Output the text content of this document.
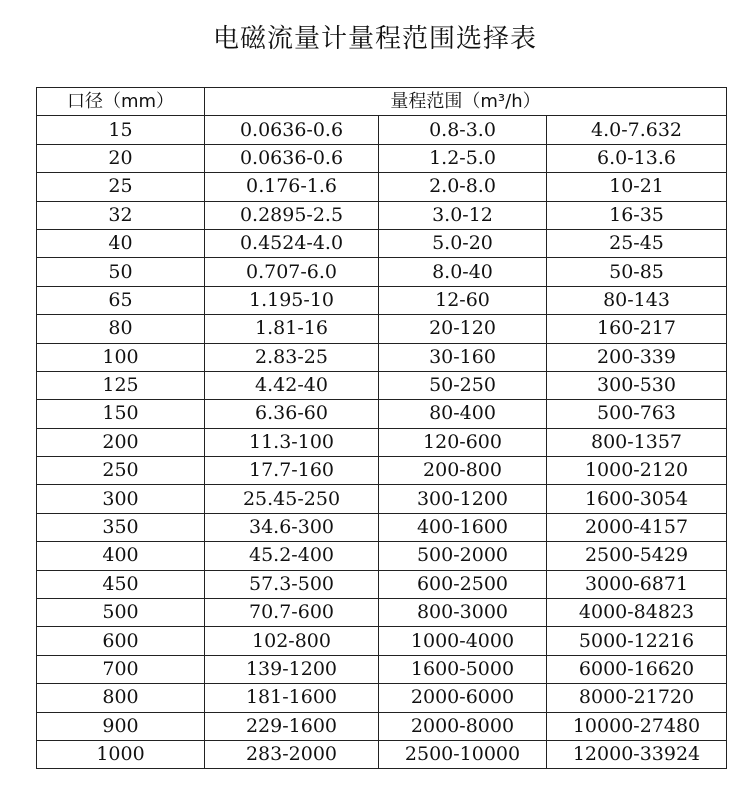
电磁流量计量程范围选择表
口径（mm）	量程范围（m³/h）		
15	0.0636-0.6	0.8-3.0	4.0-7.632
20	0.0636-0.6	1.2-5.0	6.0-13.6
25	0.176-1.6	2.0-8.0	10-21
32	0.2895-2.5	3.0-12	16-35
40	0.4524-4.0	5.0-20	25-45
50	0.707-6.0	8.0-40	50-85
65	1.195-10	12-60	80-143
80	1.81-16	20-120	160-217
100	2.83-25	30-160	200-339
125	4.42-40	50-250	300-530
150	6.36-60	80-400	500-763
200	11.3-100	120-600	800-1357
250	17.7-160	200-800	1000-2120
300	25.45-250	300-1200	1600-3054
350	34.6-300	400-1600	2000-4157
400	45.2-400	500-2000	2500-5429
450	57.3-500	600-2500	3000-6871
500	70.7-600	800-3000	4000-84823
600	102-800	1000-4000	5000-12216
700	139-1200	1600-5000	6000-16620
800	181-1600	2000-6000	8000-21720
900	229-1600	2000-8000	10000-27480
1000	283-2000	2500-10000	12000-33924
